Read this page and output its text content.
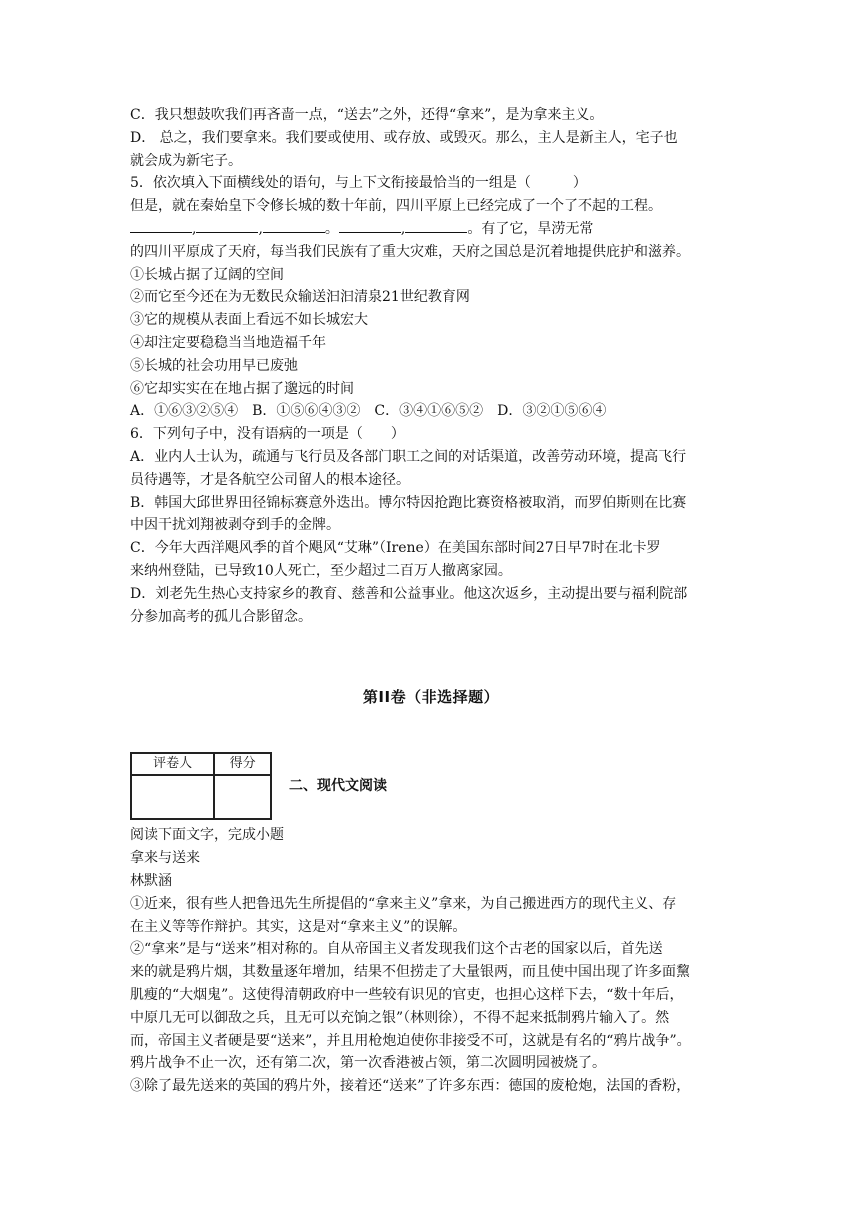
C．我只想鼓吹我们再吝啬一点，“送去”之外，还得“拿来”，是为拿来主义。
D． 总之，我们要拿来。我们要或使用、或存放、或毁灭。那么，主人是新主人，宅子也
就会成为新宅子。
5．依次填入下面横线处的语句，与上下文衔接最恰当的一组是（　　　）
但是，就在秦始皇下令修长城的数十年前，四川平原上已经完成了一个了不起的工程。
,	,	。	,	。有了它，旱涝无常
的四川平原成了天府，每当我们民族有了重大灾难，天府之国总是沉着地提供庇护和滋养。
①长城占据了辽阔的空间
②而它至今还在为无数民众输送汩汩清泉21世纪教育网
③它的规模从表面上看远不如长城宏大
④却注定要稳稳当当地造福千年
⑤长城的社会功用早已废弛
⑥它却实实在在地占据了邈远的时间
A．①⑥③②⑤④　B．①⑤⑥④③②　C．③④①⑥⑤②　D．③②①⑤⑥④
6．下列句子中，没有语病的一项是（　　）
A．业内人士认为，疏通与飞行员及各部门职工之间的对话渠道，改善劳动环境，提高飞行
员待遇等，才是各航空公司留人的根本途径。
B．韩国大邱世界田径锦标赛意外迭出。博尔特因抢跑比赛资格被取消，而罗伯斯则在比赛
中因干扰刘翔被剥夺到手的金牌。
C．今年大西洋飓风季的首个飓风“艾琳”（Irene）在美国东部时间27日早7时在北卡罗
来纳州登陆，已导致10人死亡，至少超过二百万人撤离家园。
D．刘老先生热心支持家乡的教育、慈善和公益事业。他这次返乡，主动提出要与福利院部
分参加高考的孤儿合影留念。
第II卷（非选择题）
评卷人	得分

二、现代文阅读
阅读下面文字，完成小题
拿来与送来
林默涵
①近来，很有些人把鲁迅先生所提倡的“拿来主义”拿来，为自己搬进西方的现代主义、存
在主义等等作辩护。其实，这是对“拿来主义”的误解。
②“拿来”是与“送来”相对称的。自从帝国主义者发现我们这个古老的国家以后，首先送
来的就是鸦片烟，其数量逐年增加，结果不但捞走了大量银两，而且使中国出现了许多面黧
肌瘦的“大烟鬼”。这使得清朝政府中一些较有识见的官吏，也担心这样下去，“数十年后，
中原几无可以御敌之兵，且无可以充饷之银”（林则徐），不得不起来抵制鸦片输入了。然
而，帝国主义者硬是要“送来”，并且用枪炮迫使你非接受不可，这就是有名的“鸦片战争”。
鸦片战争不止一次，还有第二次，第一次香港被占领，第二次圆明园被烧了。
③除了最先送来的英国的鸦片外，接着还“送来”了许多东西：德国的废枪炮，法国的香粉，
